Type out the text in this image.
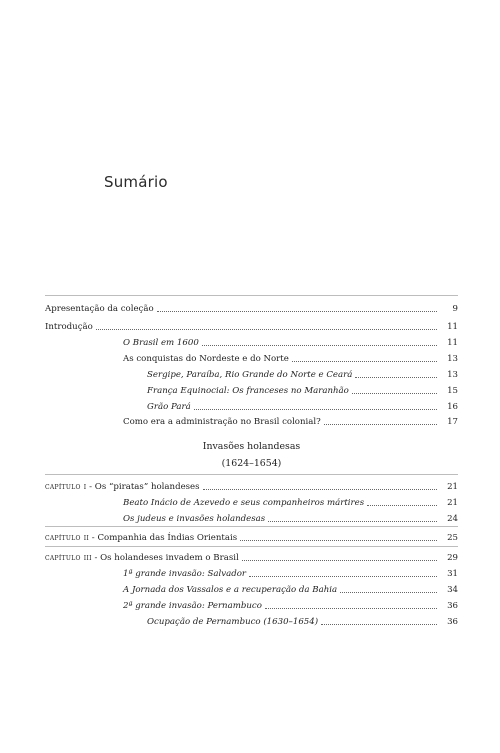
Sumário
Apresentação da coleção	9
Introdução	11
O Brasil em 1600	11
As conquistas do Nordeste e do Norte	13
Sergipe, Paraíba, Rio Grande do Norte e Ceará	13
França Equinocial: Os franceses no Maranhão	15
Grão Pará	16
Como era a administração no Brasil colonial?	17
Invasões holandesas
(1624–1654)
capítulo i - Os “piratas” holandeses	21
Beato Inácio de Azevedo e seus companheiros mártires	21
Os judeus e invasões holandesas	24
capítulo ii - Companhia das Índias Orientais	25
capítulo iii - Os holandeses invadem o Brasil	29
1ª grande invasão: Salvador	31
A Jornada dos Vassalos e a recuperação da Bahia	34
2ª grande invasão: Pernambuco	36
Ocupação de Pernambuco (1630–1654)	36
